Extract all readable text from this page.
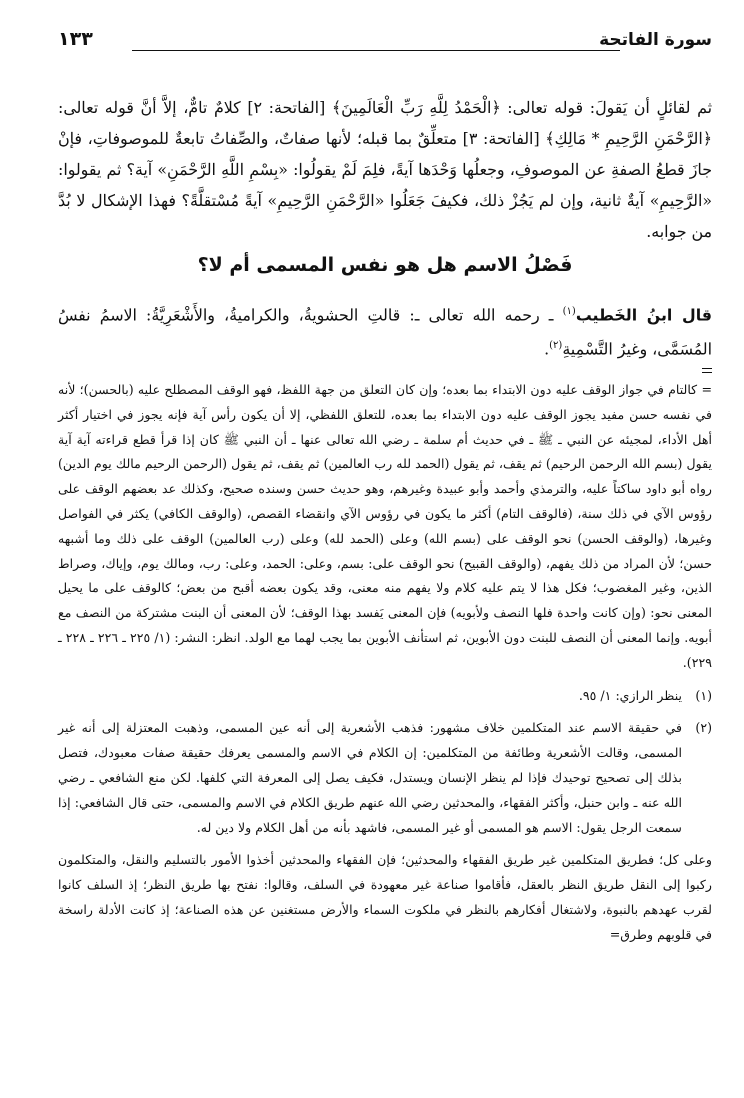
سورة الفاتحة
١٣٣

ثم لقائلٍ أن يَقولَ: قوله تعالى: ﴿الْحَمْدُ لِلَّهِ رَبِّ الْعَالَمِينَ﴾ [الفاتحة: ٢] كلامٌ تامٌّ، إلاَّ أنَّ قوله تعالى: ﴿الرَّحْمَنِ الرَّحِيمِ * مَالِكِ﴾ [الفاتحة: ٣] متعلِّقٌ بما قبله؛ لأنها صفاتٌ، والصِّفاتُ تابعةٌ للموصوفاتِ، فإنْ جازَ قطعُ الصفةِ عن الموصوفِ، وجعلُها وَحْدَها آيةً، فلِمَ لَمْ يقولُوا: «بِسْمِ اللَّهِ الرَّحْمَنِ» آية؟ ثم يقولوا: «الرَّحِيمِ» آيةٌ ثانية، وإن لم يَجُزْ ذلك، فكيفَ جَعَلُوا «الرَّحْمَنِ الرَّحِيمِ» آيةً مُسْتقلَّةً؟ فهذا الإشكال لا بُدَّ من جوابه.

فَصْلُ الاسم هل هو نفس المسمى أم لا؟
قال ابنُ الخَطيب$^{(١)}$ ـ رحمه الله تعالى ـ: قالتِ الحشويةُ، والكراميةُ، والأَشْعَرِيَّةُ: الاسمُ نفسُ المُسَمَّى، وغيرُ التَّسْمِيةِ$^{(٢)}$.

= كالتام في جواز الوقف عليه دون الابتداء بما بعده؛ وإن كان التعلق من جهة اللفظ، فهو الوقف المصطلح عليه (بالحسن)؛ لأنه في نفسه حسن مفيد يجوز الوقف عليه دون الابتداء بما بعده، للتعلق اللفظي، إلا أن يكون رأس آية فإنه يجوز في اختيار أكثر أهل الأداء، لمجيئه عن النبي ـ ﷺ ـ في حديث أم سلمة ـ رضي الله تعالى عنها ـ أن النبي ﷺ كان إذا قرأ قطع قراءته آية آية يقول (بسم الله الرحمن الرحيم) ثم يقف، ثم يقول (الحمد لله رب العالمين) ثم يقف، ثم يقول (الرحمن الرحيم مالك يوم الدين) رواه أبو داود ساكتاً عليه، والترمذي وأحمد وأبو عبيدة وغيرهم، وهو حديث حسن وسنده صحيح، وكذلك عد بعضهم الوقف على رؤوس الآي في ذلك سنة، (فالوقف التام) أكثر ما يكون في رؤوس الآي وانقضاء القصص، (والوقف الكافي) يكثر في الفواصل وغيرها، (والوقف الحسن) نحو الوقف على (بسم الله) وعلى (الحمد لله) وعلى (رب العالمين) الوقف على ذلك وما أشبهه حسن؛ لأن المراد من ذلك يفهم، (والوقف القبيح) نحو الوقف على: بسم، وعلى: الحمد، وعلى: رب، ومالك يوم، وإياك، وصراط الذين، وغير المغضوب؛ فكل هذا لا يتم عليه كلام ولا يفهم منه معنى، وقد يكون بعضه أقبح من بعض؛ كالوقف على ما يحيل المعنى نحو: (وإن كانت واحدة فلها النصف ولأبويه) فإن المعنى يَفسد بهذا الوقف؛ لأن المعنى أن البنت مشتركة من النصف مع أبويه. وإنما المعنى أن النصف للبنت دون الأبوين، ثم استأنف الأبوين بما يجب لهما مع الولد. انظر: النشر: (١/ ٢٢٥ ـ ٢٢٦ ـ ٢٢٨ ـ ٢٢٩).

(١)
ينظر الرازي: ١/ ٩٥.

(٢)
في حقيقة الاسم عند المتكلمين خلاف مشهور: فذهب الأشعرية إلى أنه عين المسمى، وذهبت المعتزلة إلى أنه غير المسمى، وقالت الأشعرية وطائفة من المتكلمين: إن الكلام في الاسم والمسمى يعرفك حقيقة صفات معبودك، فتصل بذلك إلى تصحيح توحيدك فإذا لم ينظر الإنسان ويستدل، فكيف يصل إلى المعرفة التي كلفها. لكن منع الشافعي ـ رضي الله عنه ـ وابن حنبل، وأكثر الفقهاء، والمحدثين رضي الله عنهم طريق الكلام في الاسم والمسمى، حتى قال الشافعي: إذا سمعت الرجل يقول: الاسم هو المسمى أو غير المسمى، فاشهد بأنه من أهل الكلام ولا دين له.

وعلى كل؛ فطريق المتكلمين غير طريق الفقهاء والمحدثين؛ فإن الفقهاء والمحدثين أخذوا الأمور بالتسليم والنقل، والمتكلمون ركبوا إلى النقل طريق النظر بالعقل، فأقاموا صناعة غير معهودة في السلف، وقالوا: نفتح بها طريق النظر؛ إذ السلف كانوا لقرب عهدهم بالنبوة، ولاشتغال أفكارهم بالنظر في ملكوت السماء والأرض مستغنين عن هذه الصناعة؛ إذ كانت الأدلة راسخة في قلوبهم وطرق=
